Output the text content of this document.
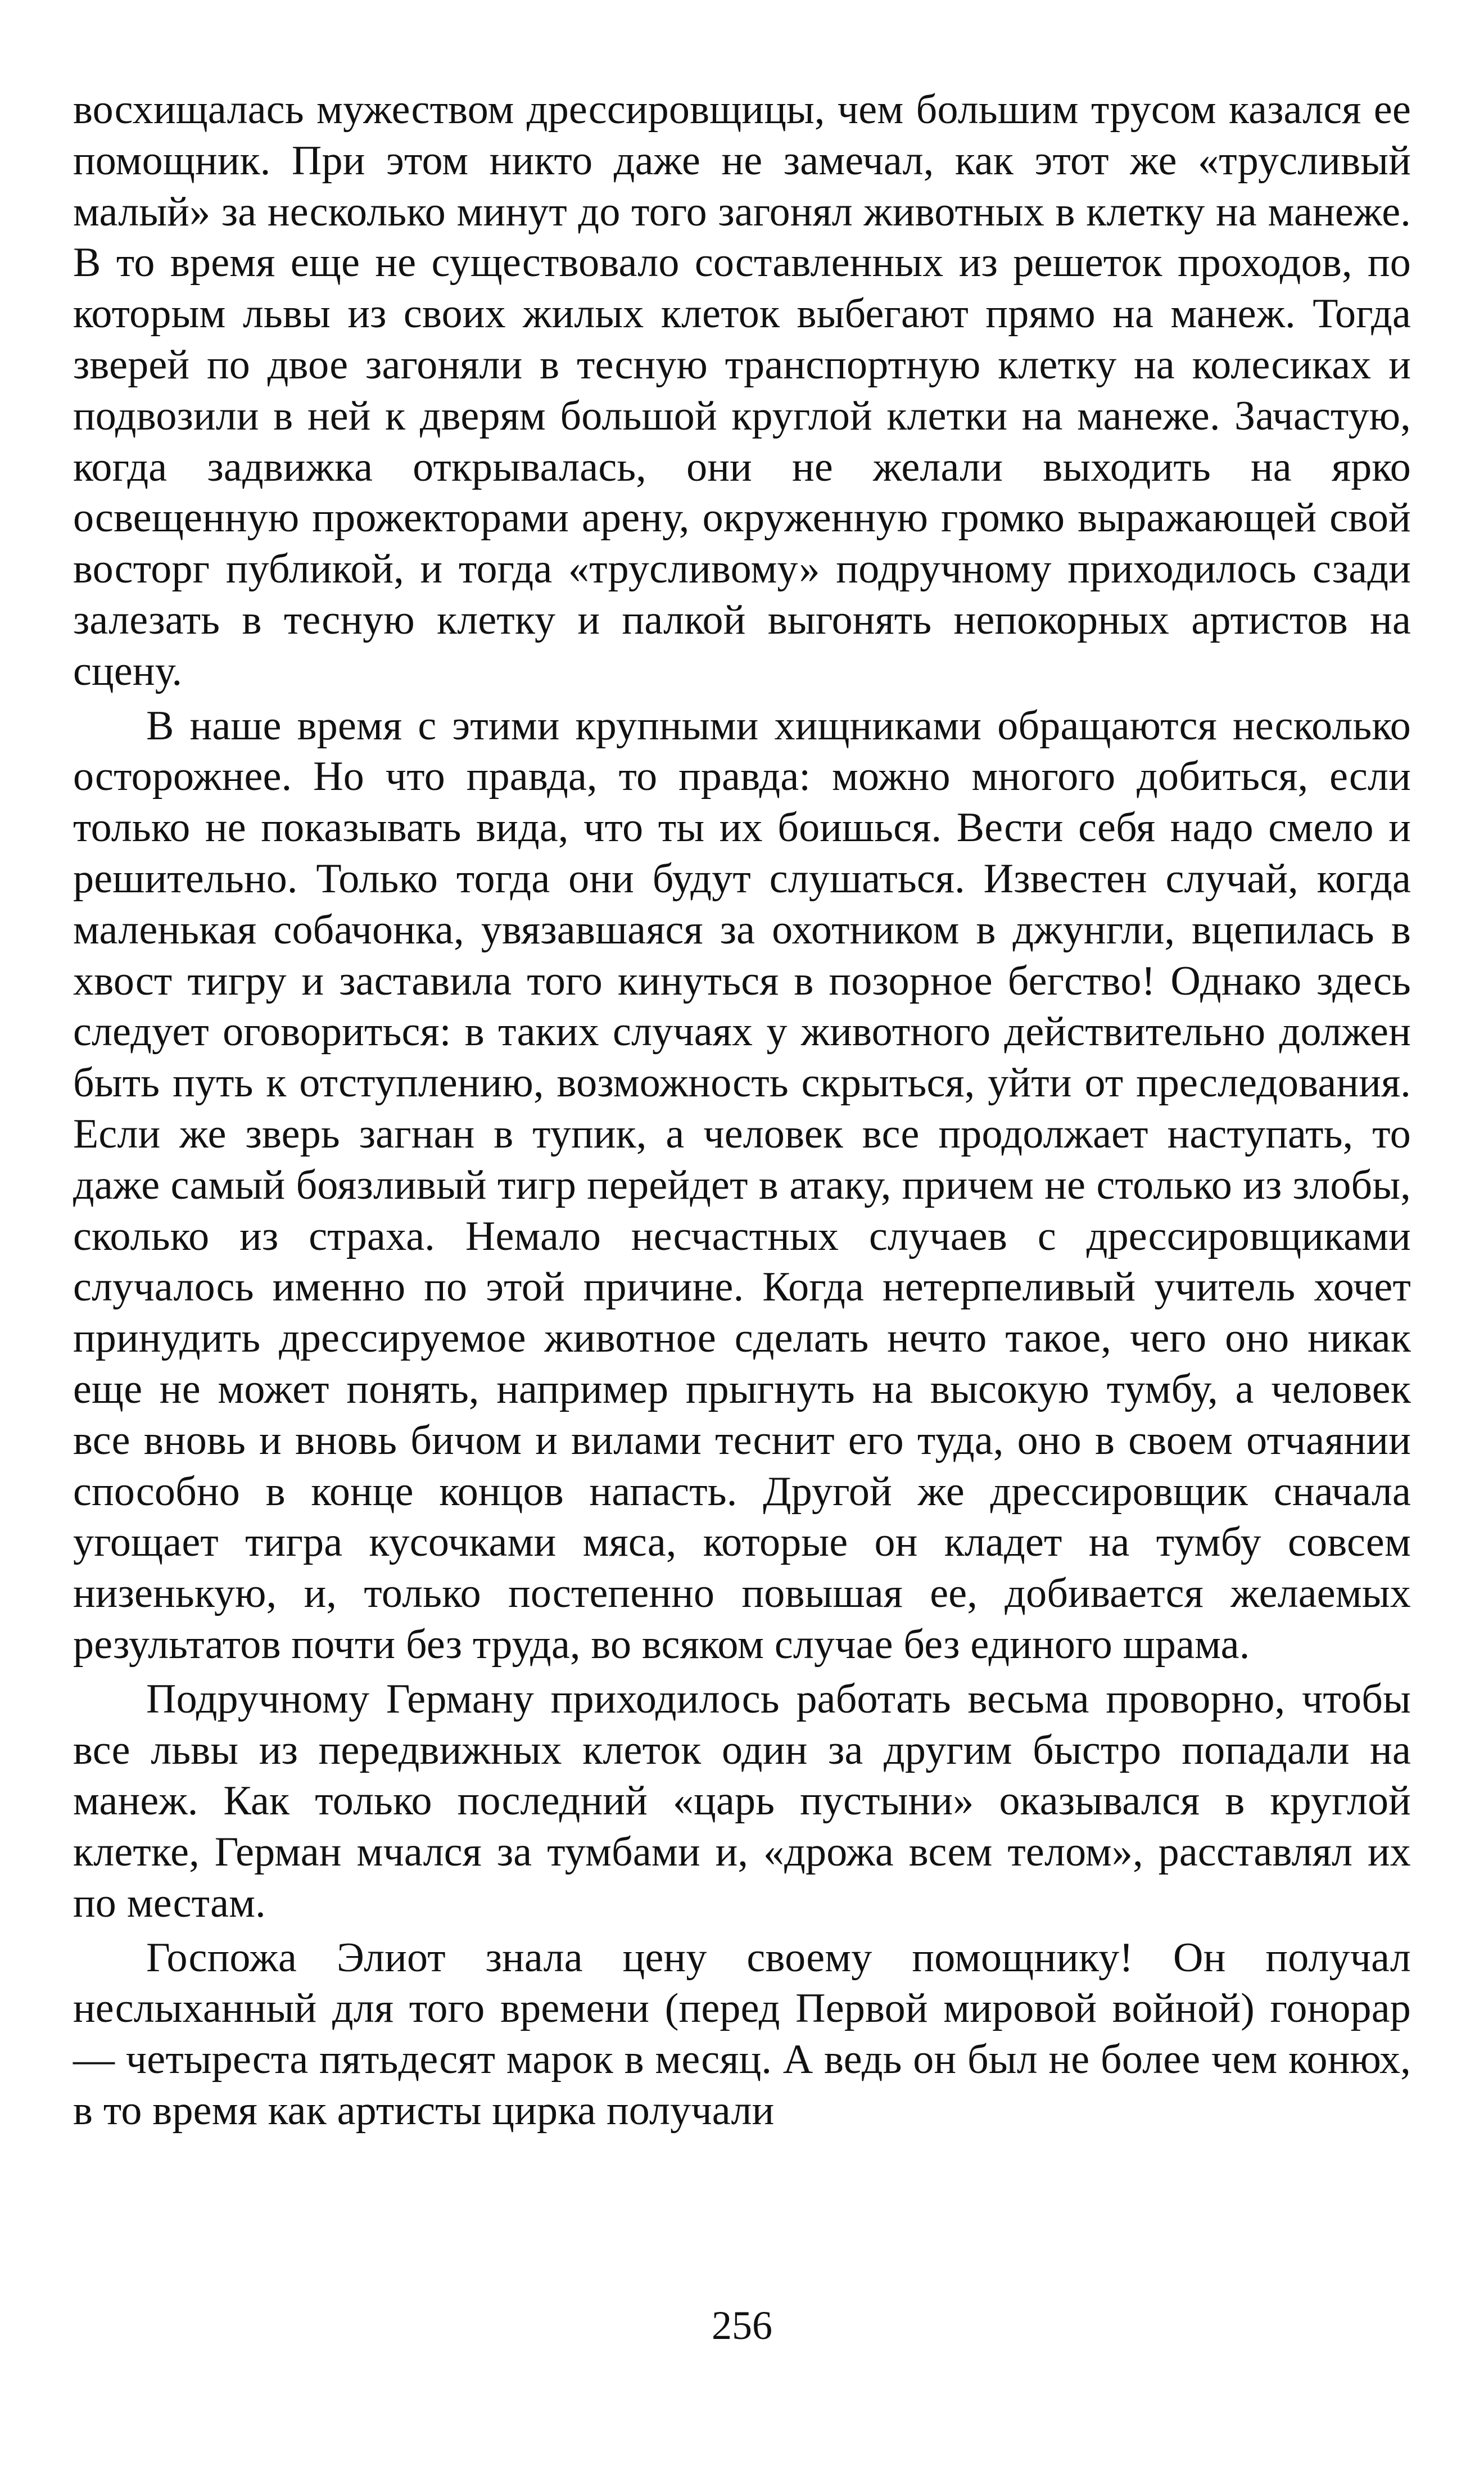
восхищалась мужеством дрессировщицы, чем большим трусом казался ее помощник. При этом никто даже не замечал, как этот же «трусливый малый» за несколько минут до того загонял животных в клетку на манеже. В то время еще не существовало составленных из решеток проходов, по которым львы из своих жилых клеток выбегают прямо на манеж. Тогда зверей по двое загоняли в тесную транспортную клетку на колесиках и подвозили в ней к дверям большой круглой клетки на манеже. Зачастую, когда задвижка открывалась, они не желали выходить на ярко освещенную прожекторами арену, окруженную громко выражающей свой восторг публикой, и тогда «трусливому» подручному приходилось сзади залезать в тесную клетку и палкой выгонять непокорных артистов на сцену.

В наше время с этими крупными хищниками обращаются несколько осторожнее. Но что правда, то правда: можно многого добиться, если только не показывать вида, что ты их боишься. Вести себя надо смело и решительно. Только тогда они будут слушаться. Известен случай, когда маленькая собачонка, увязавшаяся за охотником в джунгли, вцепилась в хвост тигру и заставила того кинуться в позорное бегство! Однако здесь следует оговориться: в таких случаях у животного действительно должен быть путь к отступлению, возможность скрыться, уйти от преследования. Если же зверь загнан в тупик, а человек все продолжает наступать, то даже самый боязливый тигр перейдет в атаку, причем не столько из злобы, сколько из страха. Немало несчастных случаев с дрессировщиками случалось именно по этой причине. Когда нетерпеливый учитель хочет принудить дрессируемое животное сделать нечто такое, чего оно никак еще не может понять, например прыгнуть на высокую тумбу, а человек все вновь и вновь бичом и вилами теснит его туда, оно в своем отчаянии способно в конце концов напасть. Другой же дрессировщик сначала угощает тигра кусочками мяса, которые он кладет на тумбу совсем низенькую, и, только постепенно повышая ее, добивается желаемых результатов почти без труда, во всяком случае без единого шрама.

Подручному Герману приходилось работать весьма проворно, чтобы все львы из передвижных клеток один за другим быстро попадали на манеж. Как только последний «царь пустыни» оказывался в круглой клетке, Герман мчался за тумбами и, «дрожа всем телом», расставлял их по местам.

Госпожа Элиот знала цену своему помощнику! Он получал неслыханный для того времени (перед Первой мировой войной) гонорар — четыреста пятьдесят марок в месяц. А ведь он был не более чем конюх, в то время как артисты цирка получали

256
